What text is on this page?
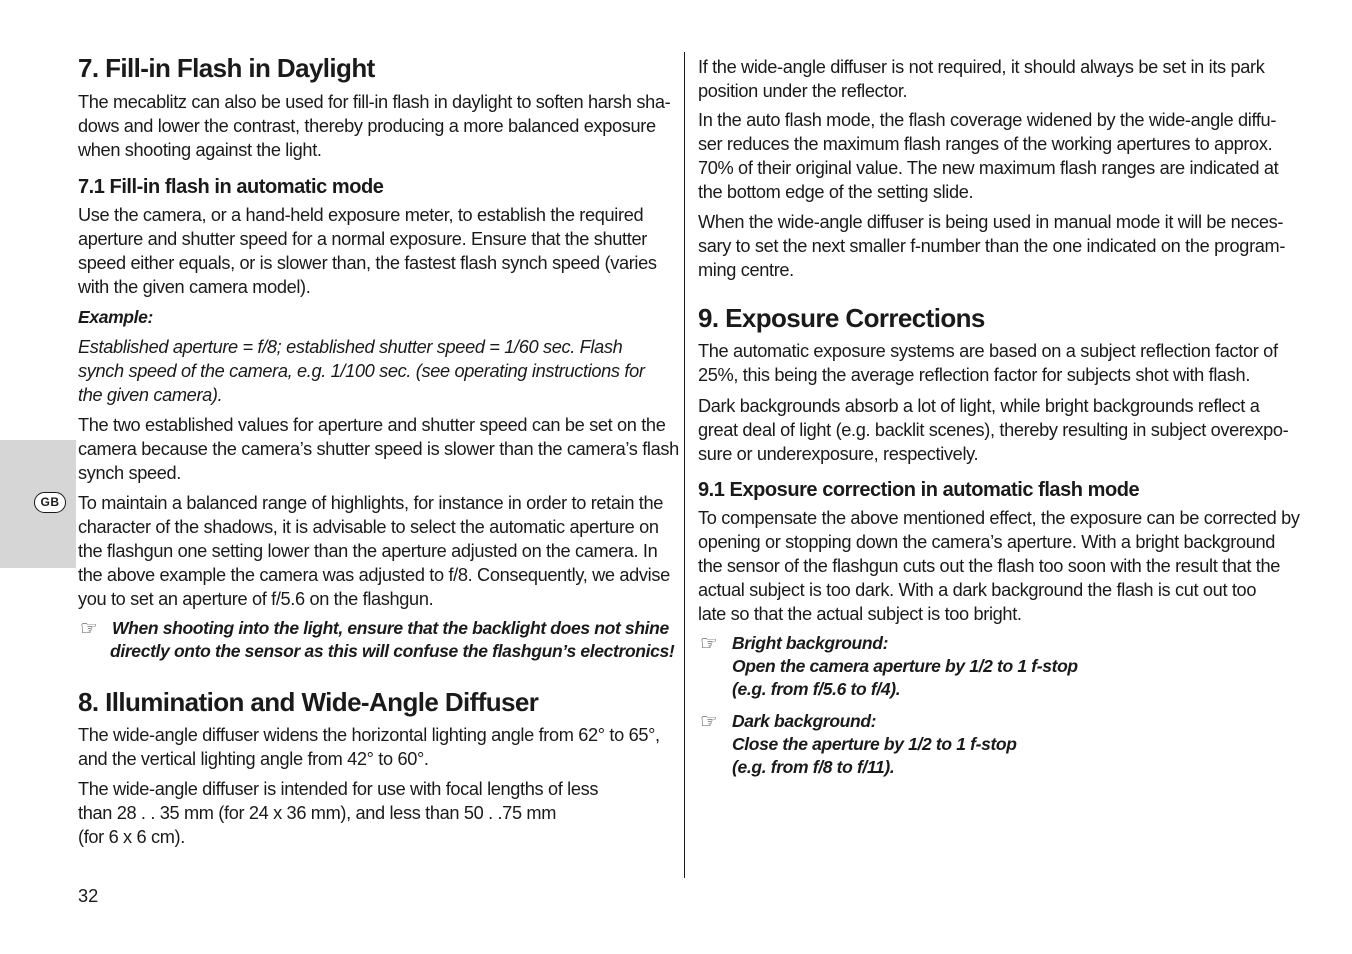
GB
7. Fill-in Flash in Daylight
The mecablitz can also be used for fill-in flash in daylight to soften harsh sha-
dows and lower the contrast, thereby producing a more balanced exposure
when shooting against the light.
7.1 Fill-in flash in automatic mode
Use the camera, or a hand-held exposure meter, to establish the required
aperture and shutter speed for a normal exposure. Ensure that the shutter
speed either equals, or is slower than, the fastest flash synch speed (varies
with the given camera model).
Example:
Established aperture = f/8; established shutter speed = 1/60 sec. Flash
synch speed of the camera, e.g. 1/100 sec. (see operating instructions for
the given camera).
The two established values for aperture and shutter speed can be set on the
camera because the camera’s shutter speed is slower than the camera’s flash
synch speed.
To maintain a balanced range of highlights, for instance in order to retain the
character of the shadows, it is advisable to select the automatic aperture on
the flashgun one setting lower than the aperture adjusted on the camera. In
the above example the camera was adjusted to f/8. Consequently, we advise
you to set an aperture of f/5.6 on the flashgun.
☞ When shooting into the light, ensure that the backlight does not shine
directly onto the sensor as this will confuse the flashgun’s electronics!
8. Illumination and Wide-Angle Diffuser
The wide-angle diffuser widens the horizontal lighting angle from 62° to 65°,
and the vertical lighting angle from 42° to 60°.
The wide-angle diffuser is intended for use with focal lengths of less
than 28 . . 35 mm (for 24 x 36 mm), and less than 50 . .75 mm
(for 6 x 6 cm).
If the wide-angle diffuser is not required, it should always be set in its park
position under the reflector.
In the auto flash mode, the flash coverage widened by the wide-angle diffu-
ser reduces the maximum flash ranges of the working apertures to approx.
70% of their original value. The new maximum flash ranges are indicated at
the bottom edge of the setting slide.
When the wide-angle diffuser is being used in manual mode it will be neces-
sary to set the next smaller f-number than the one indicated on the program-
ming centre.
9. Exposure Corrections
The automatic exposure systems are based on a subject reflection factor of
25%, this being the average reflection factor for subjects shot with flash.
Dark backgrounds absorb a lot of light, while bright backgrounds reflect a
great deal of light (e.g. backlit scenes), thereby resulting in subject overexpo-
sure or underexposure, respectively.
9.1 Exposure correction in automatic flash mode
To compensate the above mentioned effect, the exposure can be corrected by
opening or stopping down the camera’s aperture. With a bright background
the sensor of the flashgun cuts out the flash too soon with the result that the
actual subject is too dark. With a dark background the flash is cut out too
late so that the actual subject is too bright.
☞ Bright background:
Open the camera aperture by 1/2 to 1 f-stop
(e.g. from f/5.6 to f/4).
☞ Dark background:
Close the aperture by 1/2 to 1 f-stop
(e.g. from f/8 to f/11).
32
